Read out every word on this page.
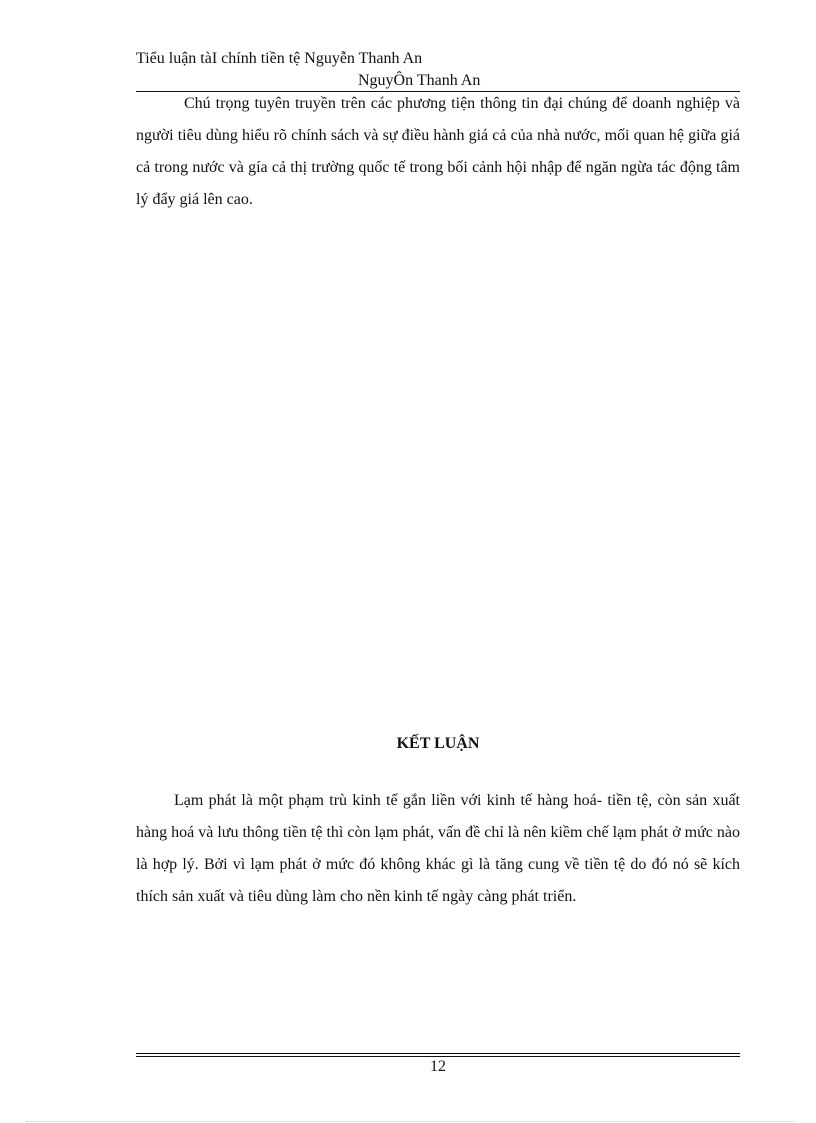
Tiểu luận tàI chính tiền tệ Nguyễn Thanh An
NguyÔn Thanh An

Chú trọng tuyên truyền trên các phương tiện thông tin đại chúng để doanh nghiệp và người tiêu dùng hiểu rõ chính sách và sự điều hành giá cả của nhà nước, mối quan hệ giữa giá cả trong nước và gía cả thị trường quốc tế trong bối cảnh hội nhập để ngăn ngừa tác động tâm lý đẩy giá lên cao.

KẾT LUẬN

Lạm phát là một phạm trù kinh tế gắn liền với kinh tế hàng hoá- tiền tệ, còn sản xuất hàng hoá và lưu thông tiền tệ thì còn lạm phát, vấn đề chỉ là nên kiềm chế lạm phát ở mức nào là hợp lý. Bởi vì lạm phát ở mức đó không khác gì là tăng cung về tiền tệ do đó nó sẽ kích thích sản xuất và tiêu dùng làm cho nền kinh tế ngày càng phát triển.

12
